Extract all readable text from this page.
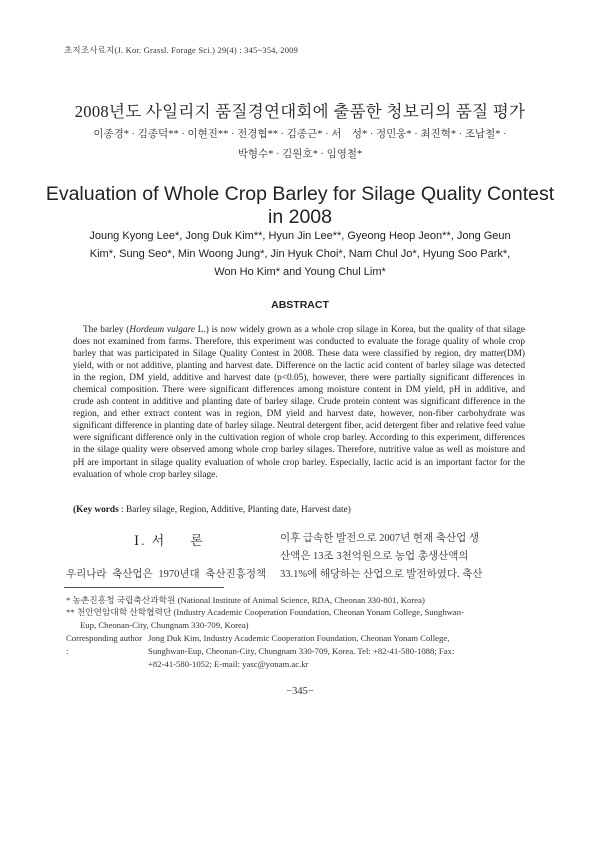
초지조사료지(J. Kor. Grassl. Forage Sci.) 29(4) : 345~354, 2009
2008년도 사일리지 품질경연대회에 출품한 청보리의 품질 평가
이종경* · 김종덕** · 이현진** · 전경협** · 김종근* · 서　성* · 정민웅* · 최진혁* · 조남철* ·
박형수* · 김원호* · 임영철*
Evaluation of Whole Crop Barley for Silage Quality Contest
in 2008
Joung Kyong Lee*, Jong Duk Kim**, Hyun Jin Lee**, Gyeong Heop Jeon**, Jong Geun
Kim*, Sung Seo*, Min Woong Jung*, Jin Hyuk Choi*, Nam Chul Jo*, Hyung Soo Park*,
Won Ho Kim* and Young Chul Lim*
ABSTRACT
The barley (Hordeum vulgare L.) is now widely grown as a whole crop silage in Korea, but the quality of that silage does not examined from farms. Therefore, this experiment was conducted to evaluate the forage quality of whole crop barley that was participated in Silage Quality Contest in 2008. These data were classified by region, dry matter(DM) yield, with or not additive, planting and harvest date. Difference on the lactic acid content of barley silage was detected in the region, DM yield, additive and harvest date (p<0.05), however, there were partially significant differences in chemical composition. There were significant differences among moisture content in DM yield, pH in additive, and crude ash content in additive and planting date of barley silage. Crude protein content was significant difference in the region, and ether extract content was in region, DM yield and harvest date, however, non-fiber carbohydrate was significant difference in planting date of barley silage. Neutral detergent fiber, acid detergent fiber and relative feed value were significant difference only in the cultivation region of whole crop barley. According to this experiment, differences in the silage quality were observed among whole crop barley silages. Therefore, nutritive value as well as moisture and pH are important in silage quality evaluation of whole crop barley. Especially, lactic acid is an important factor for the evaluation of whole crop barley silage.
(Key words : Barley silage, Region, Additive, Planting date, Harvest date)
Ⅰ. 서 론
우리나라 축산업은 1970년대 축산진흥정책
이후 급속한 발전으로 2007년 현재 축산업 생
산액은 13조 3천억원으로 농업 총생산액의
33.1%에 해당하는 산업으로 발전하였다. 축산
* 농촌진흥청 국립축산과학원 (National Institute of Animal Science, RDA, Cheonan 330-801, Korea)
** 천안연암대학 산학협력단 (Industry Academic Cooperation Foundation, Cheonan Yonam College, Sunghwan-
Eup, Cheonan-City, Chungnam 330-709, Korea)
Corresponding author :
Jong Duk Kim, Industry Academic Cooperation Foundation, Cheonan Yonam College,
Sunghwan-Eup, Cheonan-City, Chungnam 330-709, Korea. Tel: +82-41-580-1088; Fax:
+82-41-580-1052; E-mail: yasc@yonam.ac.kr
−345−
